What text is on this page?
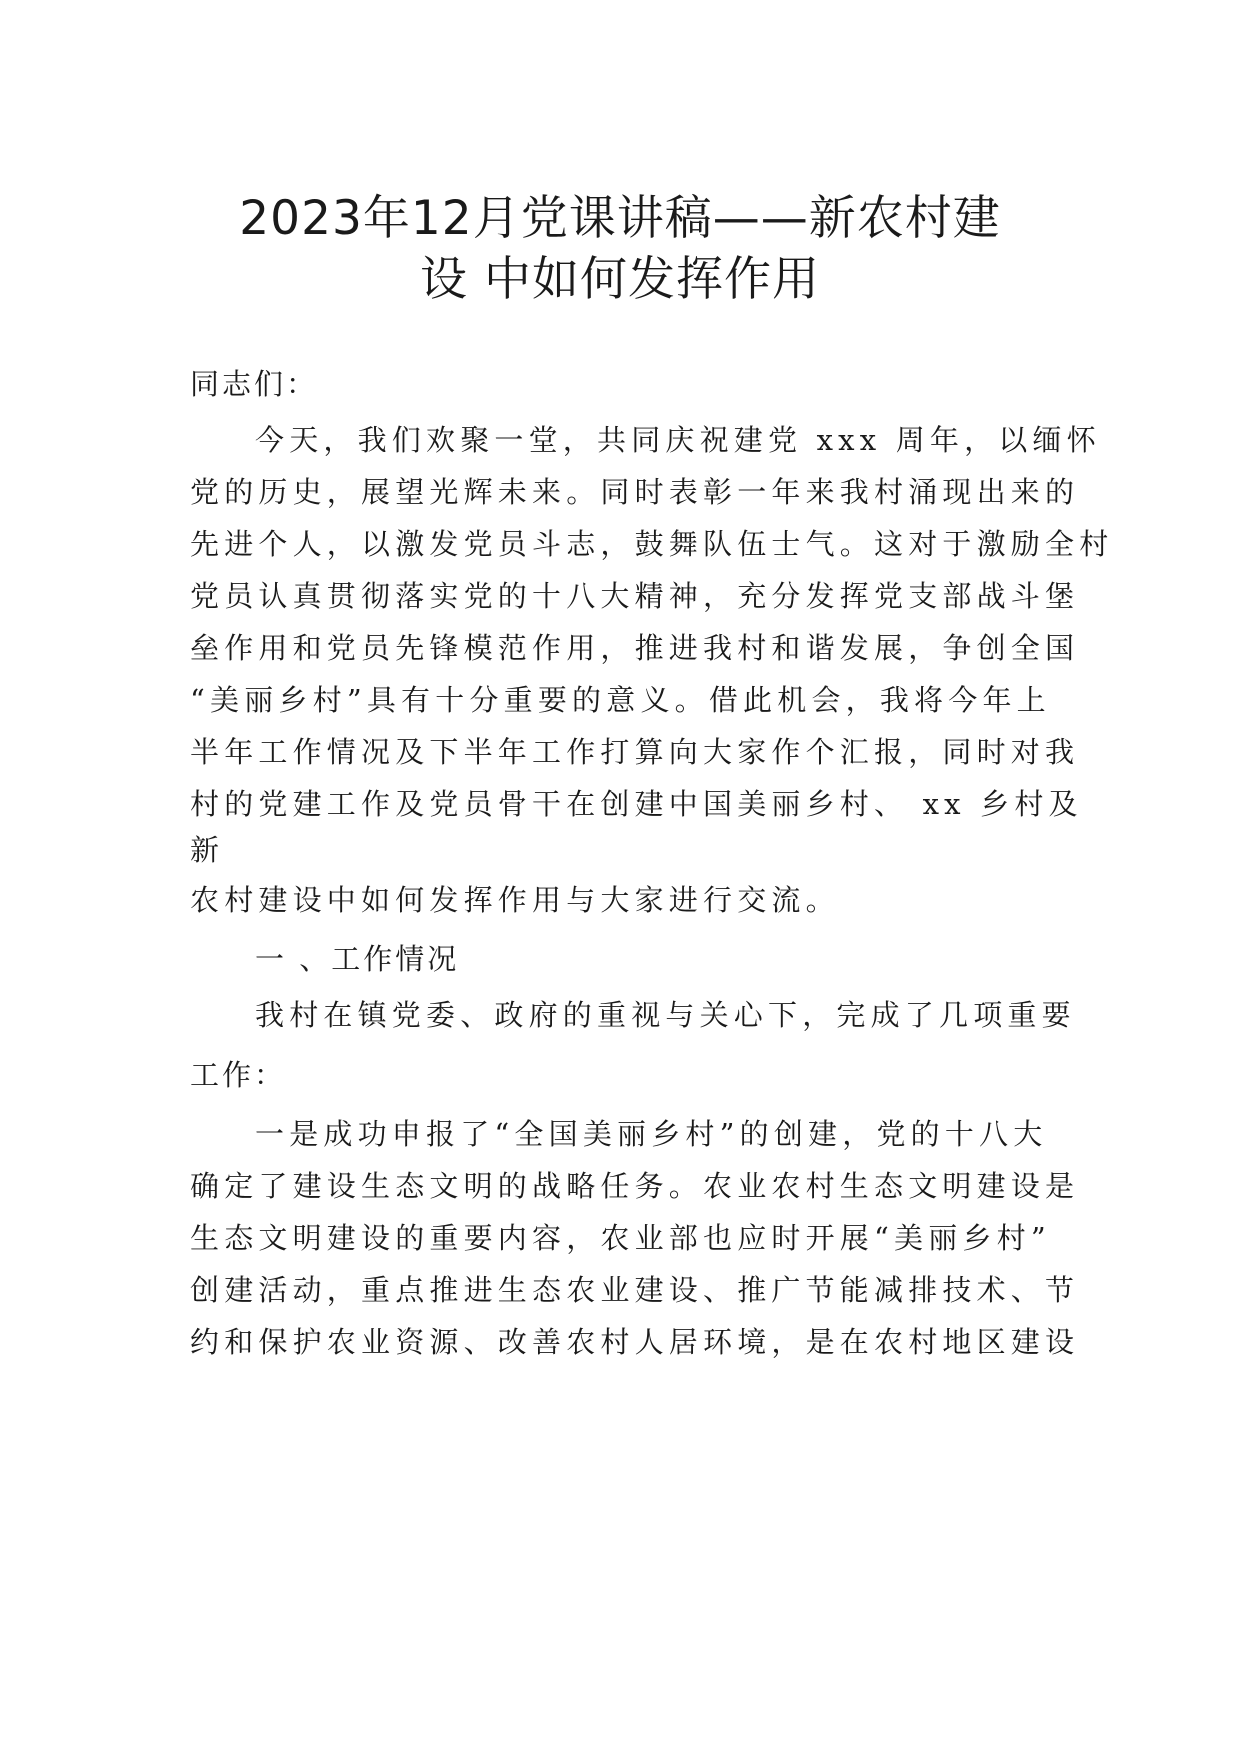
2023年12月党课讲稿——新农村建
设 中如何发挥作用
同志们：
今天，我们欢聚一堂，共同庆祝建党 xxx 周年，以缅怀
党的历史，展望光辉未来。同时表彰一年来我村涌现出来的
先进个人，以激发党员斗志，鼓舞队伍士气。这对于激励全村
党员认真贯彻落实党的十八大精神，充分发挥党支部战斗堡
垒作用和党员先锋模范作用，推进我村和谐发展，争创全国
“美丽乡村”具有十分重要的意义。借此机会，我将今年上
半年工作情况及下半年工作打算向大家作个汇报，同时对我
村的党建工作及党员骨干在创建中国美丽乡村、 xx 乡村及
新
农村建设中如何发挥作用与大家进行交流。
一 、工作情况
我村在镇党委、政府的重视与关心下，完成了几项重要
工作：
一是成功申报了“全国美丽乡村”的创建，党的十八大
确定了建设生态文明的战略任务。农业农村生态文明建设是
生态文明建设的重要内容，农业部也应时开展“美丽乡村”
创建活动，重点推进生态农业建设、推广节能减排技术、节
约和保护农业资源、改善农村人居环境，是在农村地区建设
